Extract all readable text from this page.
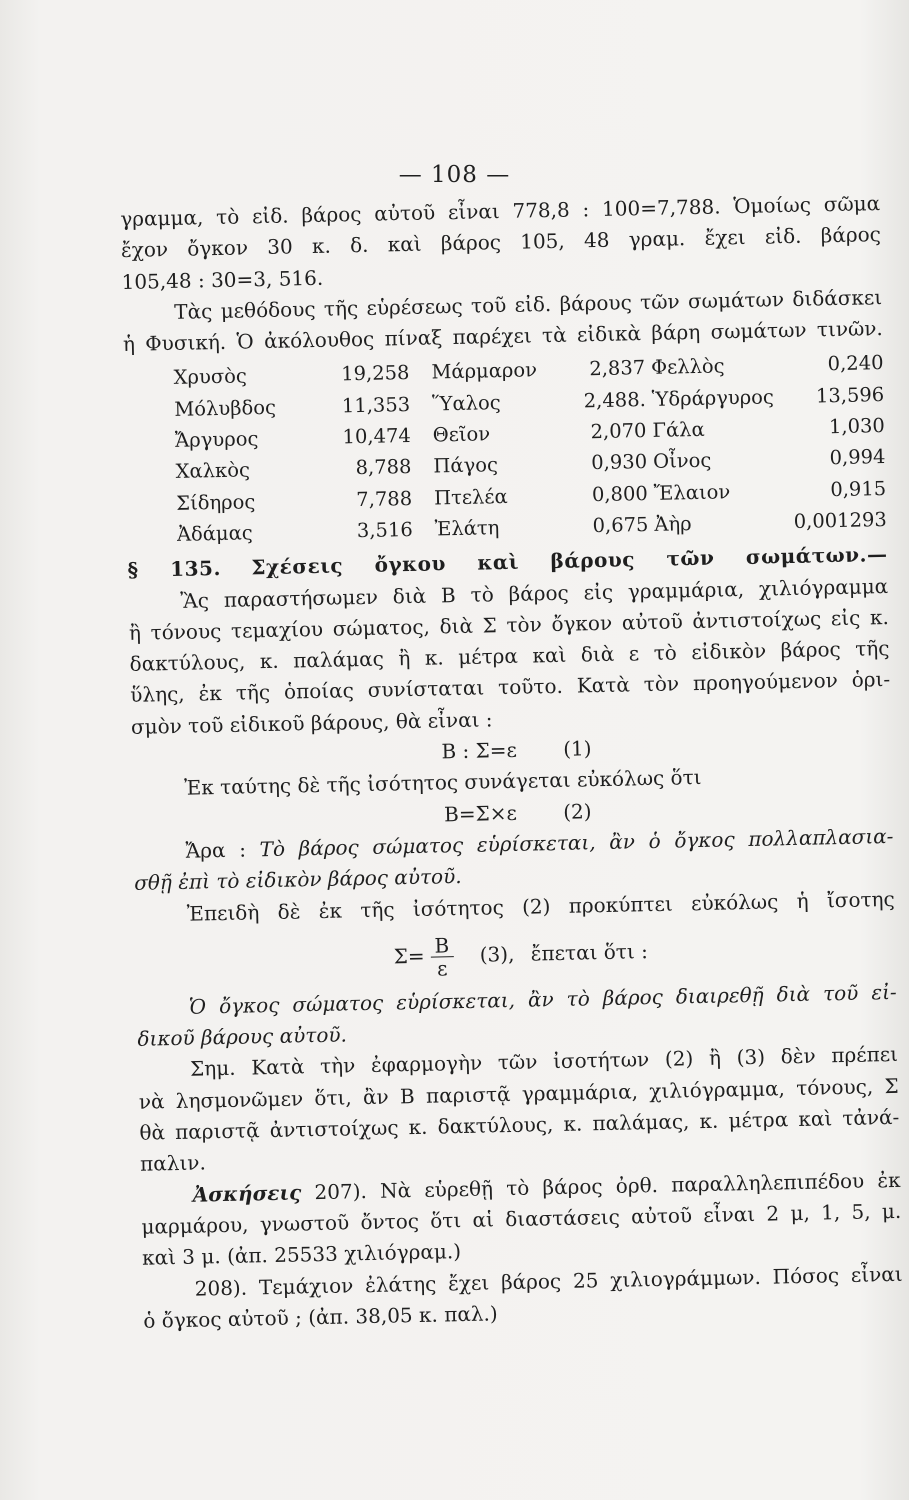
— 108 —
γραμμα, τὸ εἰδ. βάρος αὐτοῦ εἶναι 778,8 : 100=7,788. Ὁμοίως σῶμα
ἔχον ὄγκον 30 κ. δ. καὶ βάρος 105, 48 γραμ. ἔχει εἰδ. βάρος
105,48 : 30=3, 516.
Τὰς μεθόδους τῆς εὑρέσεως τοῦ εἰδ. βάρους τῶν σωμάτων διδάσκει
ἡ Φυσική. Ὁ ἀκόλουθος πίναξ παρέχει τὰ εἰδικὰ βάρη σωμάτων τινῶν.
Χρυσὸς	19,258	Μάρμαρον	2,837	Φελλὸς	0,240
Μόλυβδος	11,353	Ὕαλος	2,488.	Ὑδράργυρος	13,596
Ἄργυρος	10,474	Θεῖον	2,070	Γάλα	1,030
Χαλκὸς	8,788	Πάγος	0,930	Οἶνος	0,994
Σίδηρος	7,788	Πτελέα	0,800	Ἔλαιον	0,915
Ἀδάμας	3,516	Ἐλάτη	0,675	Ἀὴρ	0,001293
§ 135. Σχέσεις ὄγκου καὶ βάρους τῶν σωμάτων.—
Ἂς παραστήσωμεν διὰ Β τὸ βάρος εἰς γραμμάρια, χιλιόγραμμα
ἢ τόνους τεμαχίου σώματος, διὰ Σ τὸν ὄγκον αὐτοῦ ἀντιστοίχως εἰς κ.
δακτύλους, κ. παλάμας ἢ κ. μέτρα καὶ διὰ ε τὸ εἰδικὸν βάρος τῆς
ὕλης, ἐκ τῆς ὁποίας συνίσταται τοῦτο. Κατὰ τὸν προηγούμενον ὁρι-
σμὸν τοῦ εἰδικοῦ βάρους, θὰ εἶναι :
Β : Σ=ε (1)
Ἐκ ταύτης δὲ τῆς ἰσότητος συνάγεται εὐκόλως ὅτι
Β=Σ×ε (2)
Ἄρα : Τὸ βάρος σώματος εὑρίσκεται, ἂν ὁ ὄγκος πολλαπλασια-
σθῇ ἐπὶ τὸ εἰδικὸν βάρος αὐτοῦ.
Ἐπειδὴ δὲ ἐκ τῆς ἰσότητος (2) προκύπτει εὐκόλως ἡ ἴσοτης
$\Sigma= \frac{B}{\varepsilon} (3)$, ἔπεται ὅτι :
Ὁ ὄγκος σώματος εὑρίσκεται, ἂν τὸ βάρος διαιρεθῇ διὰ τοῦ εἰ-
δικοῦ βάρους αὐτοῦ.
Σημ. Κατὰ τὴν ἐφαρμογὴν τῶν ἰσοτήτων (2) ἢ (3) δὲν πρέπει
νὰ λησμονῶμεν ὅτι, ἂν Β παριστᾷ γραμμάρια, χιλιόγραμμα, τόνους, Σ
θὰ παριστᾷ ἀντιστοίχως κ. δακτύλους, κ. παλάμας, κ. μέτρα καὶ τἀνά-
παλιν.
Ἀσκήσεις 207). Νὰ εὑρεθῇ τὸ βάρος ὀρθ. παραλληλεπιπέδου ἐκ
μαρμάρου, γνωστοῦ ὄντος ὅτι αἱ διαστάσεις αὐτοῦ εἶναι 2 μ, 1, 5, μ.
καὶ 3 μ. (ἀπ. 25533 χιλιόγραμ.)
208). Τεμάχιον ἐλάτης ἔχει βάρος 25 χιλιογράμμων. Πόσος εἶναι
ὁ ὄγκος αὐτοῦ ; (ἀπ. 38,05 κ. παλ.)
